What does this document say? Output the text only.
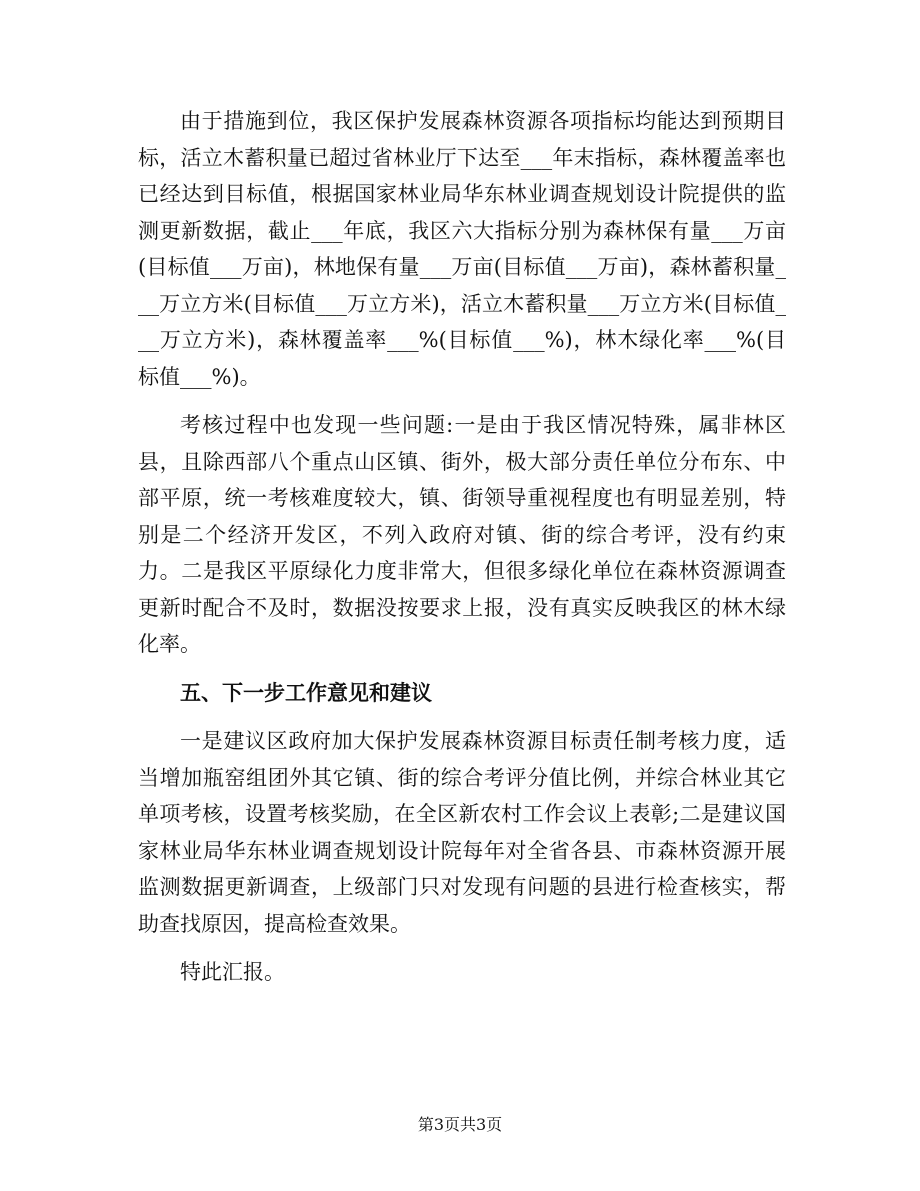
由于措施到位，我区保护发展森林资源各项指标均能达到预期目标，活立木蓄积量已超过省林业厅下达至___年末指标，森林覆盖率也已经达到目标值，根据国家林业局华东林业调查规划设计院提供的监测更新数据，截止___年底，我区六大指标分别为森林保有量___万亩(目标值___万亩)，林地保有量___万亩(目标值___万亩)，森林蓄积量___万立方米(目标值___万立方米)，活立木蓄积量___万立方米(目标值___万立方米)，森林覆盖率___%(目标值___%)，林木绿化率___%(目标值___%)。

考核过程中也发现一些问题:一是由于我区情况特殊，属非林区县，且除西部八个重点山区镇、街外，极大部分责任单位分布东、中部平原，统一考核难度较大，镇、街领导重视程度也有明显差别，特别是二个经济开发区，不列入政府对镇、街的综合考评，没有约束力。二是我区平原绿化力度非常大，但很多绿化单位在森林资源调查更新时配合不及时，数据没按要求上报，没有真实反映我区的林木绿化率。

五、下一步工作意见和建议

一是建议区政府加大保护发展森林资源目标责任制考核力度，适当增加瓶窑组团外其它镇、街的综合考评分值比例，并综合林业其它单项考核，设置考核奖励，在全区新农村工作会议上表彰;二是建议国家林业局华东林业调查规划设计院每年对全省各县、市森林资源开展监测数据更新调查，上级部门只对发现有问题的县进行检查核实，帮助查找原因，提高检查效果。

特此汇报。

第3页共3页
